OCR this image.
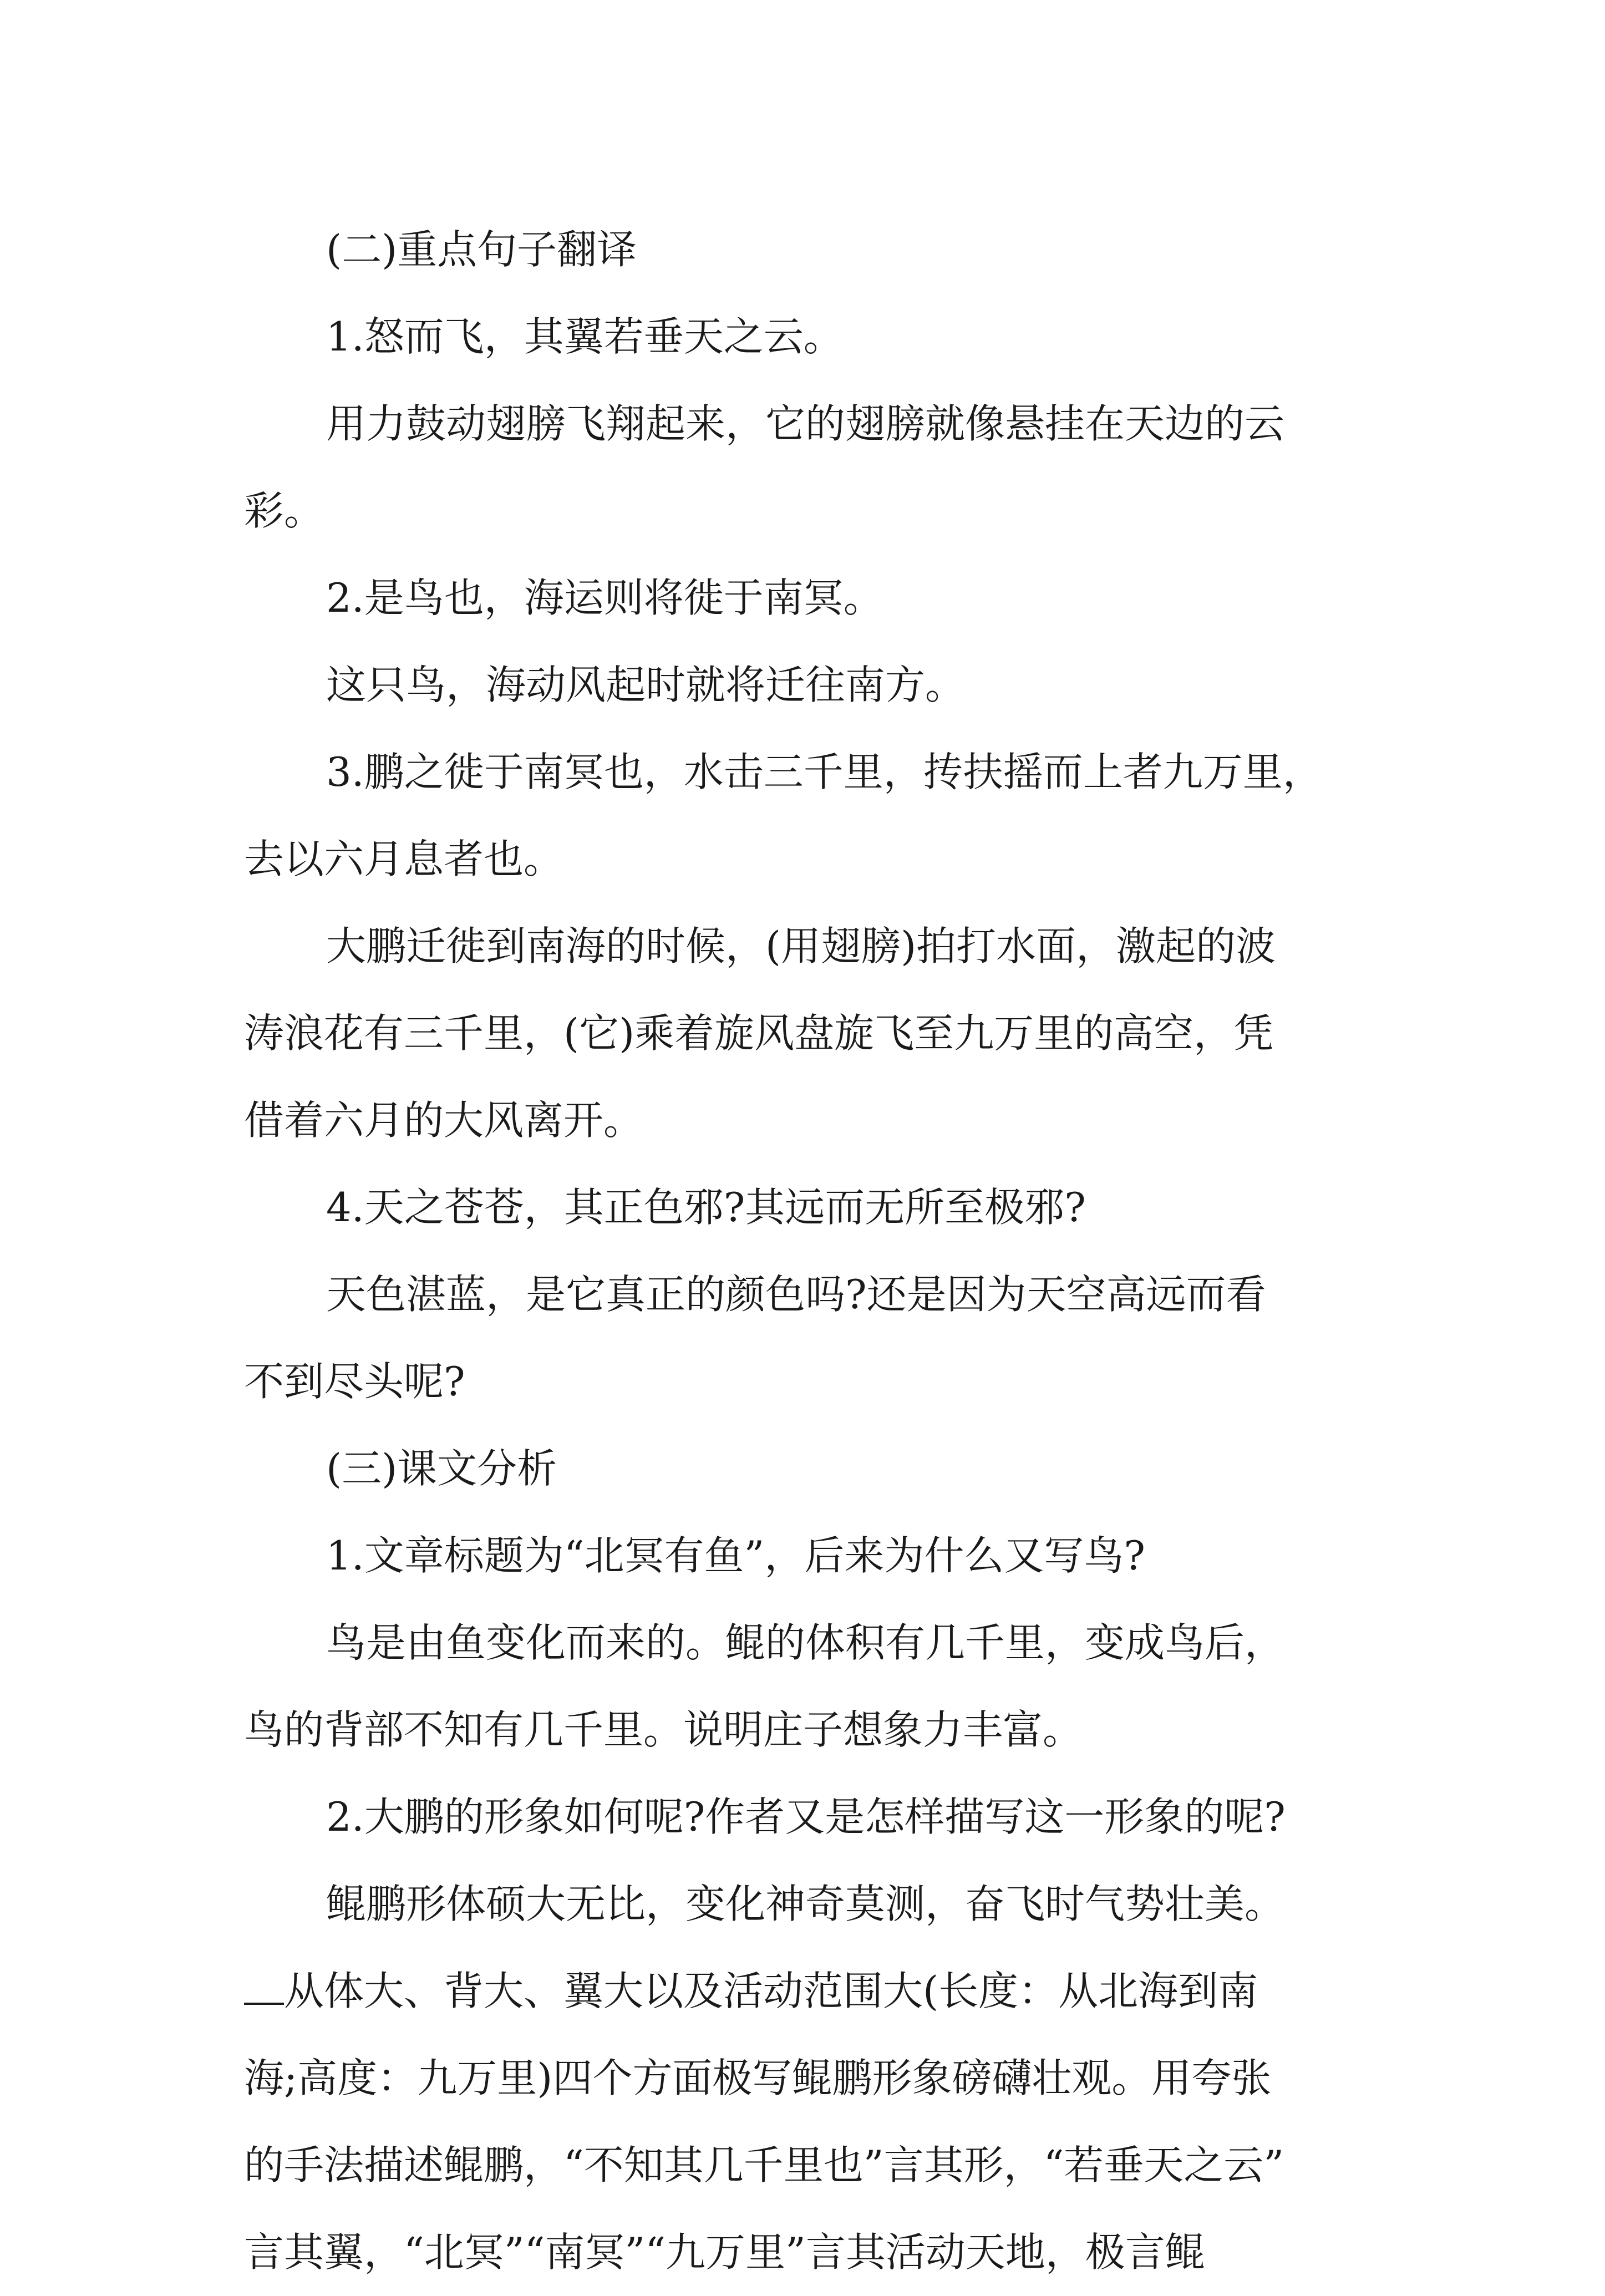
(二)重点句子翻译
1.怒而飞，其翼若垂天之云。
用力鼓动翅膀飞翔起来，它的翅膀就像悬挂在天边的云
彩。
2.是鸟也，海运则将徙于南冥。
这只鸟，海动风起时就将迁往南方。
3.鹏之徙于南冥也，水击三千里，抟扶摇而上者九万里，
去以六月息者也。
大鹏迁徙到南海的时候，(用翅膀)拍打水面，激起的波
涛浪花有三千里，(它)乘着旋风盘旋飞至九万里的高空，凭
借着六月的大风离开。
4.天之苍苍，其正色邪?其远而无所至极邪?
天色湛蓝，是它真正的颜色吗?还是因为天空高远而看
不到尽头呢?
(三)课文分析
1.文章标题为“北冥有鱼”，后来为什么又写鸟?
鸟是由鱼变化而来的。鲲的体积有几千里，变成鸟后，
鸟的背部不知有几千里。说明庄子想象力丰富。
2.大鹏的形象如何呢?作者又是怎样描写这一形象的呢?
鲲鹏形体硕大无比，变化神奇莫测，奋飞时气势壮美。
从体大、背大、翼大以及活动范围大(长度：从北海到南
海;高度：九万里)四个方面极写鲲鹏形象磅礴壮观。用夸张
的手法描述鲲鹏，“不知其几千里也”言其形，“若垂天之云”
言其翼，“北冥”“南冥”“九万里”言其活动天地，极言鲲
